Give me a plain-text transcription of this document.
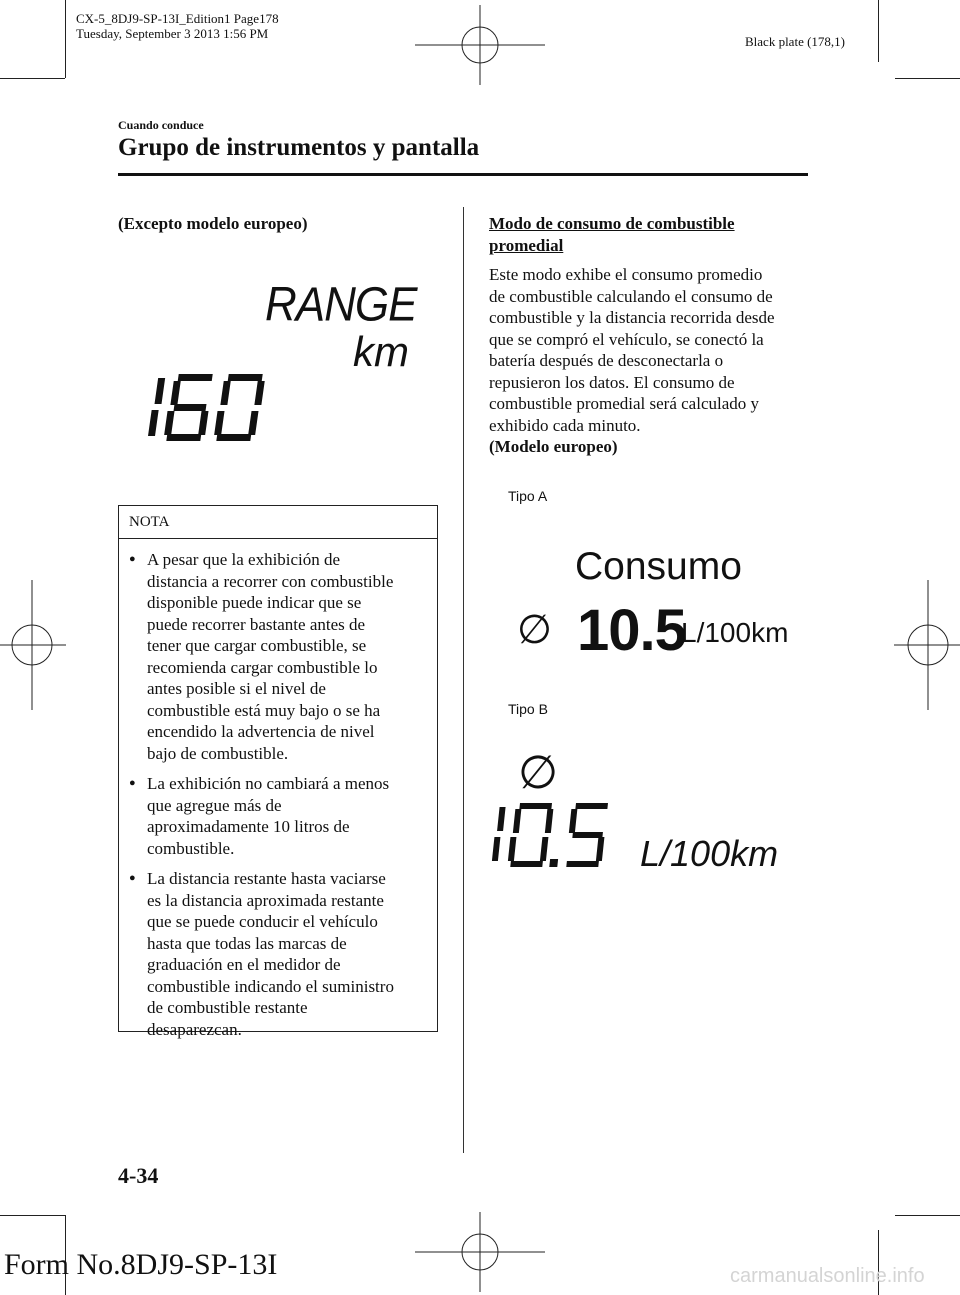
CX-5_8DJ9-SP-13I_Edition1 Page178
Tuesday, September 3 2013 1:56 PM
Black plate (178,1)
Cuando conduce
Grupo de instrumentos y pantalla
(Excepto modelo europeo)
RANGE
km
NOTA
● A pesar que la exhibición de
distancia a recorrer con combustible
disponible puede indicar que se
puede recorrer bastante antes de
tener que cargar combustible, se
recomienda cargar combustible lo
antes posible si el nivel de
combustible está muy bajo o se ha
encendido la advertencia de nivel
bajo de combustible.
● La exhibición no cambiará a menos
que agregue más de
aproximadamente 10 litros de
combustible.
● La distancia restante hasta vaciarse
es la distancia aproximada restante
que se puede conducir el vehículo
hasta que todas las marcas de
graduación en el medidor de
combustible indicando el suministro
de combustible restante
desaparezcan.
Modo de consumo de combustible
promedial
Este modo exhibe el consumo promedio
de combustible calculando el consumo de
combustible y la distancia recorrida desde
que se compró el vehículo, se conectó la
batería después de desconectarla o
repusieron los datos. El consumo de
combustible promedial será calculado y
exhibido cada minuto.
(Modelo europeo)
Tipo A
Consumo
∅ 10.5
L/100km
Tipo B
∅
L/100km
4-34
Form No.8DJ9-SP-13I	carmanualsonline.info
